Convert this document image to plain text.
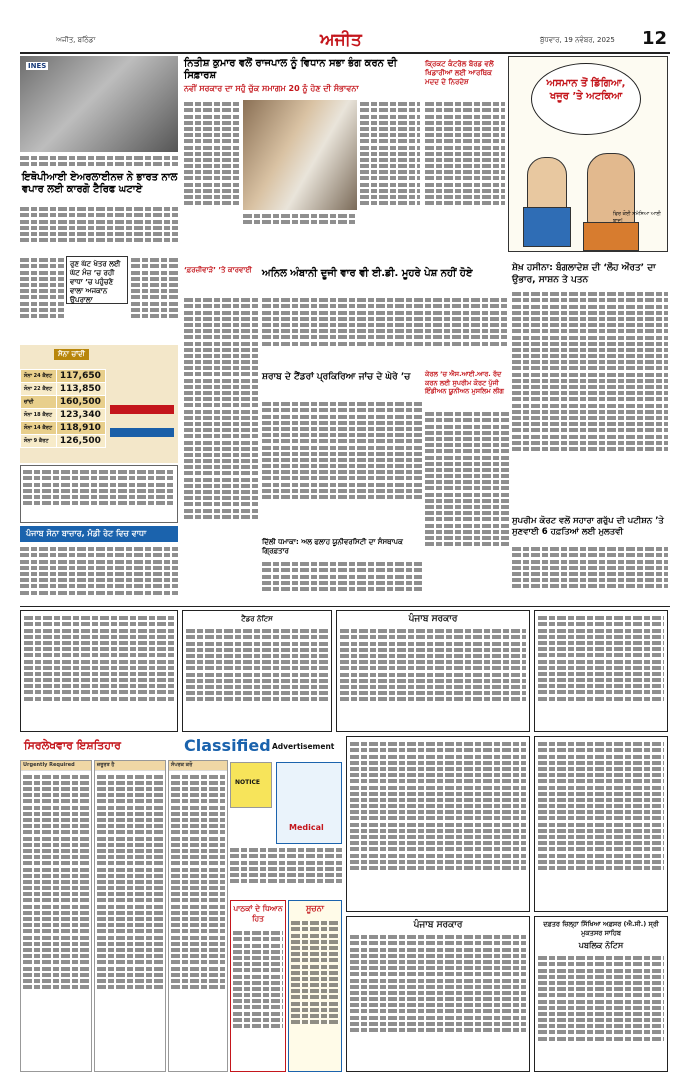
ਅਜੀਤ, ਬਠਿੰਡਾ	ਅਜੀਤ	ਬੁੱਧਵਾਰ, 19 ਨਵੰਬਰ, 2025 12
INES
ਇਥੋਪੀਆਈ ਏਅਰਲਾਈਨਜ਼ ਨੇ ਭਾਰਤ ਨਾਲ ਵਪਾਰ ਲਈ ਕਾਰਗੋ ਟੈਰਿਫ ਘਟਾਏ
ਰੁਣ ਘੱਟ ਖੇਤਰ ਲਈ ਘੱਟ ਮੰਜ਼ ’ਚ ਰਹੀ ਵਾਧਾ ’ਚ ਪਹੁੰਚਣੇ ਵਾਲਾ ਅਜਕਾਨ ਉਪਰਾਲਾ
ਸੋਨਾ ਚਾਂਦੀ
ਸੋਨਾ 24 ਕੈਰਟ	117,650
ਸੋਨਾ 22 ਕੈਰਟ	113,850
ਚਾਂਦੀ	160,500
ਸੋਨਾ 18 ਕੈਰਟ	123,340
ਸੋਨਾ 14 ਕੈਰਟ	118,910
ਸੋਨਾ 9 ਕੈਰਟ	126,500
ਪੰਜਾਬ ਸੋਨਾ ਬਾਜ਼ਾਰ, ਮੰਡੀ ਰੇਟ ਵਿਚ ਵਾਧਾ
ਨਿਤੀਸ਼ ਕੁਮਾਰ ਵਲੋਂ ਰਾਜਪਾਲ ਨੂੰ ਵਿਧਾਨ ਸਭਾ ਭੰਗ ਕਰਨ ਦੀ ਸਿਫ਼ਾਰਸ਼
ਨਵੀਂ ਸਰਕਾਰ ਦਾ ਸਹੁੰ ਚੁੱਕ ਸਮਾਗਮ 20 ਨੂੰ ਹੋਣ ਦੀ ਸੰਭਾਵਨਾ
ਕ੍ਰਿਕਟ ਕੰਟਰੋਲ ਬੋਰਡ ਵਲੋਂ ਖਿਡਾਰੀਆਂ ਲਈ ਆਰਥਿਕ ਮਦਦ ਦੇ ਨਿਰਦੇਸ਼	ਅਸਮਾਨ ਤੋਂ ਡਿੱਗਿਆ, ਖਜੂਰ ’ਤੇ ਅਟਕਿਆ
ਫਿਰ ਕੋਈ ਸਮੱਸਿਆ ਆਈ ਬਾਦ!
ਅਨਿਲ ਅੰਬਾਨੀ ਦੂਜੀ ਵਾਰ ਵੀ ਈ.ਡੀ. ਮੂਹਰੇ ਪੇਸ਼ ਨਹੀਂ ਹੋਏ	ਸ਼ੇਖ਼ ਹਸੀਨਾ: ਬੰਗਲਾਦੇਸ਼ ਦੀ ‘ਲੌਹ ਔਰਤ’ ਦਾ ਉਭਾਰ, ਸਾਸ਼ਨ ਤੇ ਪਤਨ
‘ਫ਼ਰਜ਼ੀਵਾੜੇ’ ’ਤੇ ਕਾਰਵਾਈ
ਸ਼ਰਾਬ ਦੇ ਟੈਂਡਰਾਂ ਪ੍ਰਕਿਰਿਆ ਜਾਂਚ ਦੇ ਘੇਰੇ ’ਚ	ਕੇਰਲ ’ਚ ਐਸ.ਆਈ.ਆਰ. ਰੱਦ ਕਰਨ ਲਈ ਸੁਪਰੀਮ ਕੋਰਟ ਪੁੱਜੀ ਇੰਡੀਅਨ ਯੂਨੀਅਨ ਮੁਸਲਿਮ ਲੀਗ
ਸੁਪਰੀਮ ਕੋਰਟ ਵਲੋਂ ਸਹਾਰਾ ਗਰੁੱਪ ਦੀ ਪਟੀਸ਼ਨ ’ਤੇ ਸੁਣਵਾਈ 6 ਹਫ਼ਤਿਆਂ ਲਈ ਮੁਲਤਵੀ
ਦਿੱਲੀ ਧਮਾਕਾ: ਅਲ ਫਲਾਹ ਯੂਨੀਵਰਸਿਟੀ ਦਾ ਸੰਸਥਾਪਕ ਗ੍ਰਿਫ਼ਤਾਰ
ਟੈਂਡਰ ਨੋਟਿਸ	ਪੰਜਾਬ ਸਰਕਾਰ
ਸਿਰਲੇਖਵਾਰ ਇਸ਼ਤਿਹਾਰ	Classified Advertisement
Urgently Required	ਜ਼ਰੂਰਤ ਹੈ	ਸੰਪਰਕ ਕਰੋ
NOTICE
Medical
ਪਾਠਕਾਂ ਦੇ ਧਿਆਨ ਹਿਤ
ਸੂਚਨਾ
ਪੰਜਾਬ ਸਰਕਾਰ	ਦਫ਼ਤਰ ਜ਼ਿਲ੍ਹਾ ਸਿੱਖਿਆ ਅਫ਼ਸਰ (ਐ.ਸੀ.) ਸ੍ਰੀ ਮੁਕਤਸਰ ਸਾਹਿਬ
ਪਬਲਿਕ ਨੋਟਿਸ
